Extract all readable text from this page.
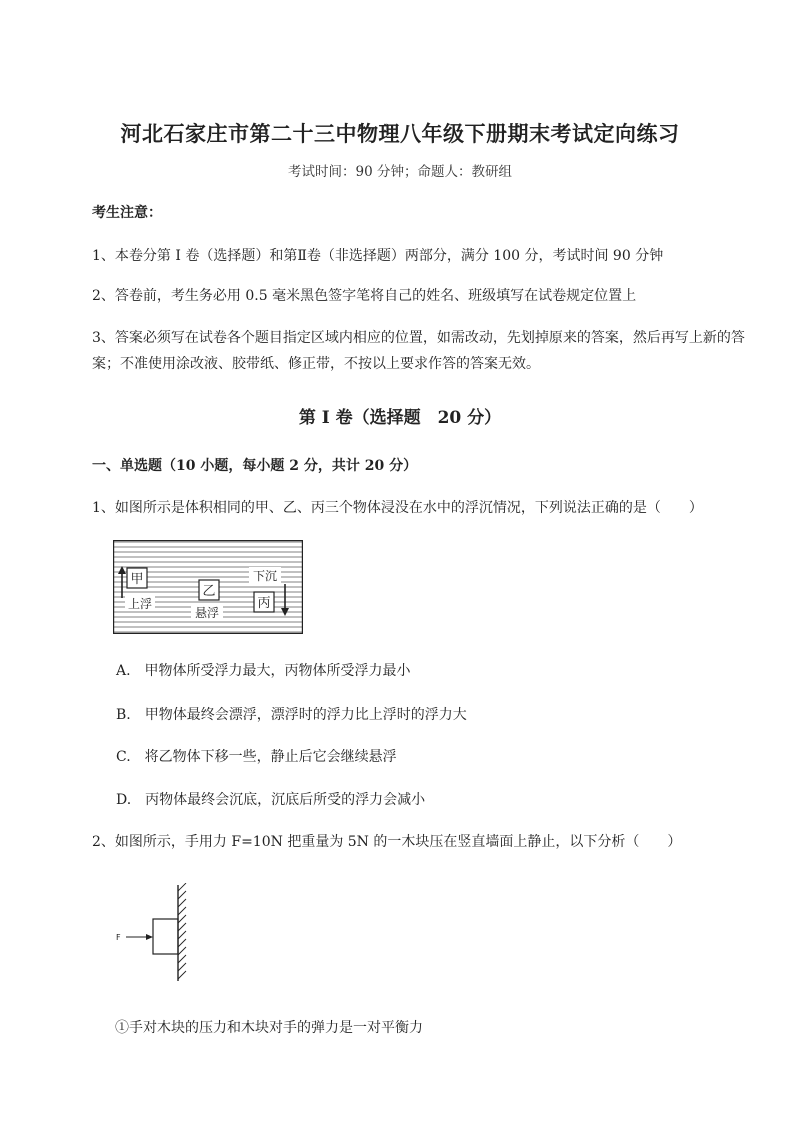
河北石家庄市第二十三中物理八年级下册期末考试定向练习
考试时间：90 分钟；命题人：教研组
考生注意：
1、本卷分第 I 卷（选择题）和第Ⅱ卷（非选择题）两部分，满分 100 分，考试时间 90 分钟
2、答卷前，考生务必用 0.5 毫米黑色签字笔将自己的姓名、班级填写在试卷规定位置上
3、答案必须写在试卷各个题目指定区域内相应的位置，如需改动，先划掉原来的答案，然后再写上新的答案；不准使用涂改液、胶带纸、修正带，不按以上要求作答的答案无效。
第 I 卷（选择题　20 分）
一、单选题（10 小题，每小题 2 分，共计 20 分）
1、如图所示是体积相同的甲、乙、丙三个物体浸没在水中的浮沉情况，下列说法正确的是（　　）
甲
上浮
乙
悬浮
下沉
丙
A.　甲物体所受浮力最大，丙物体所受浮力最小
B.　甲物体最终会漂浮，漂浮时的浮力比上浮时的浮力大
C.　将乙物体下移一些，静止后它会继续悬浮
D.　丙物体最终会沉底，沉底后所受的浮力会减小
2、如图所示，手用力 F=10N 把重量为 5N 的一木块压在竖直墙面上静止，以下分析（　　）
F
①手对木块的压力和木块对手的弹力是一对平衡力
